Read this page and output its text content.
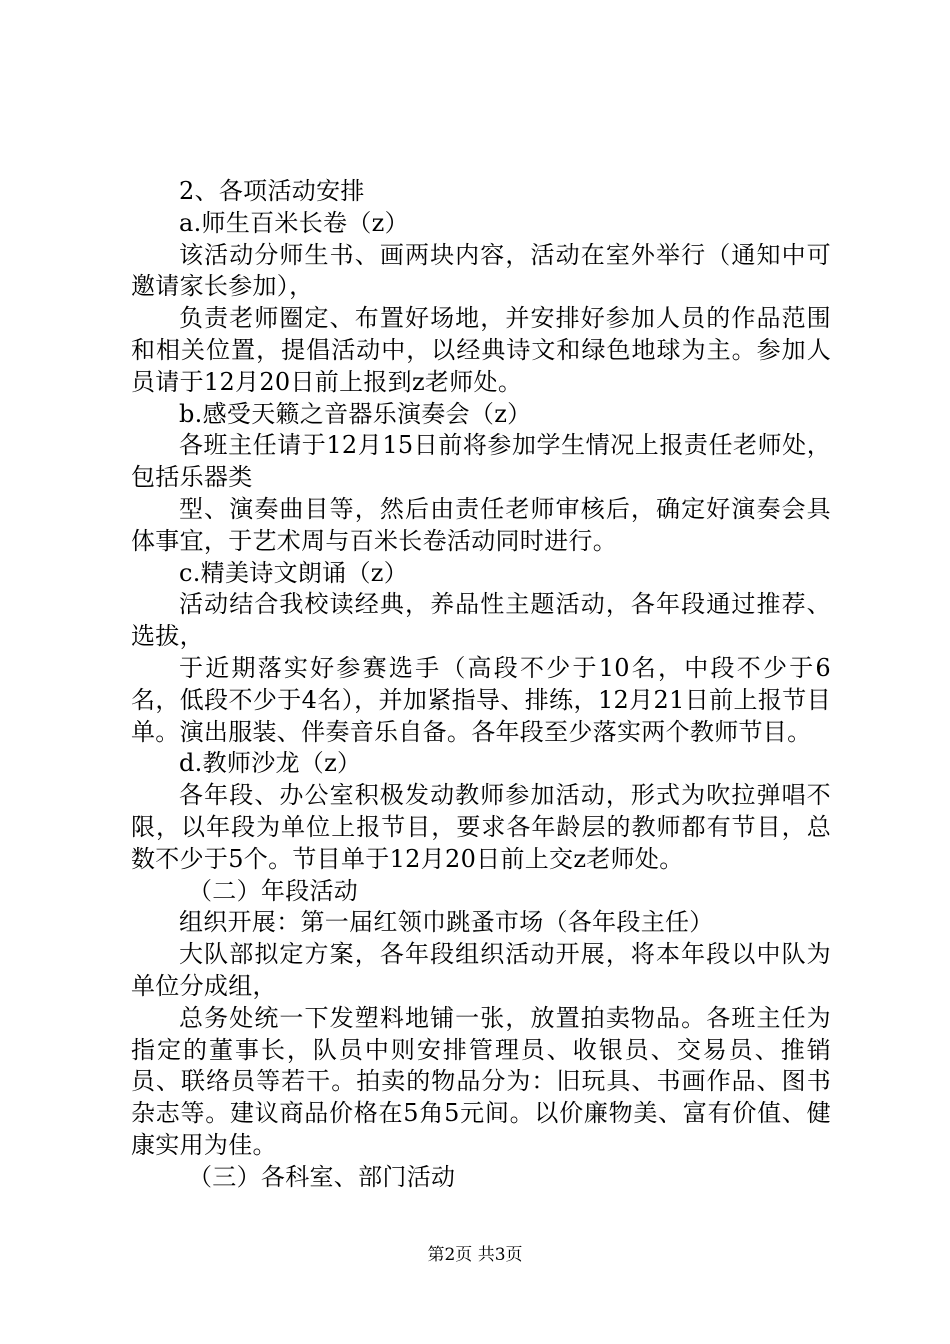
2、各项活动安排

a.师生百米长卷（z）

该活动分师生书、画两块内容，活动在室外举行（通知中可邀请家长参加），

负责老师圈定、布置好场地，并安排好参加人员的作品范围和相关位置，提倡活动中，以经典诗文和绿色地球为主。参加人员请于12月20日前上报到z老师处。

b.感受天籁之音器乐演奏会（z）

各班主任请于12月15日前将参加学生情况上报责任老师处，包括乐器类

型、演奏曲目等，然后由责任老师审核后，确定好演奏会具体事宜，于艺术周与百米长卷活动同时进行。

c.精美诗文朗诵（z）

活动结合我校读经典，养品性主题活动，各年段通过推荐、选拔，

于近期落实好参赛选手（高段不少于10名，中段不少于6名，低段不少于4名），并加紧指导、排练，12月21日前上报节目单。演出服装、伴奏音乐自备。各年段至少落实两个教师节目。

d.教师沙龙（z）

各年段、办公室积极发动教师参加活动，形式为吹拉弹唱不限，以年段为单位上报节目，要求各年龄层的教师都有节目，总数不少于5个。节目单于12月20日前上交z老师处。

（二）年段活动

组织开展：第一届红领巾跳蚤市场（各年段主任）

大队部拟定方案，各年段组织活动开展，将本年段以中队为单位分成组，

总务处统一下发塑料地铺一张，放置拍卖物品。各班主任为指定的董事长，队员中则安排管理员、收银员、交易员、推销员、联络员等若干。拍卖的物品分为：旧玩具、书画作品、图书杂志等。建议商品价格在5角5元间。以价廉物美、富有价值、健康实用为佳。

（三）各科室、部门活动

第2页 共3页
